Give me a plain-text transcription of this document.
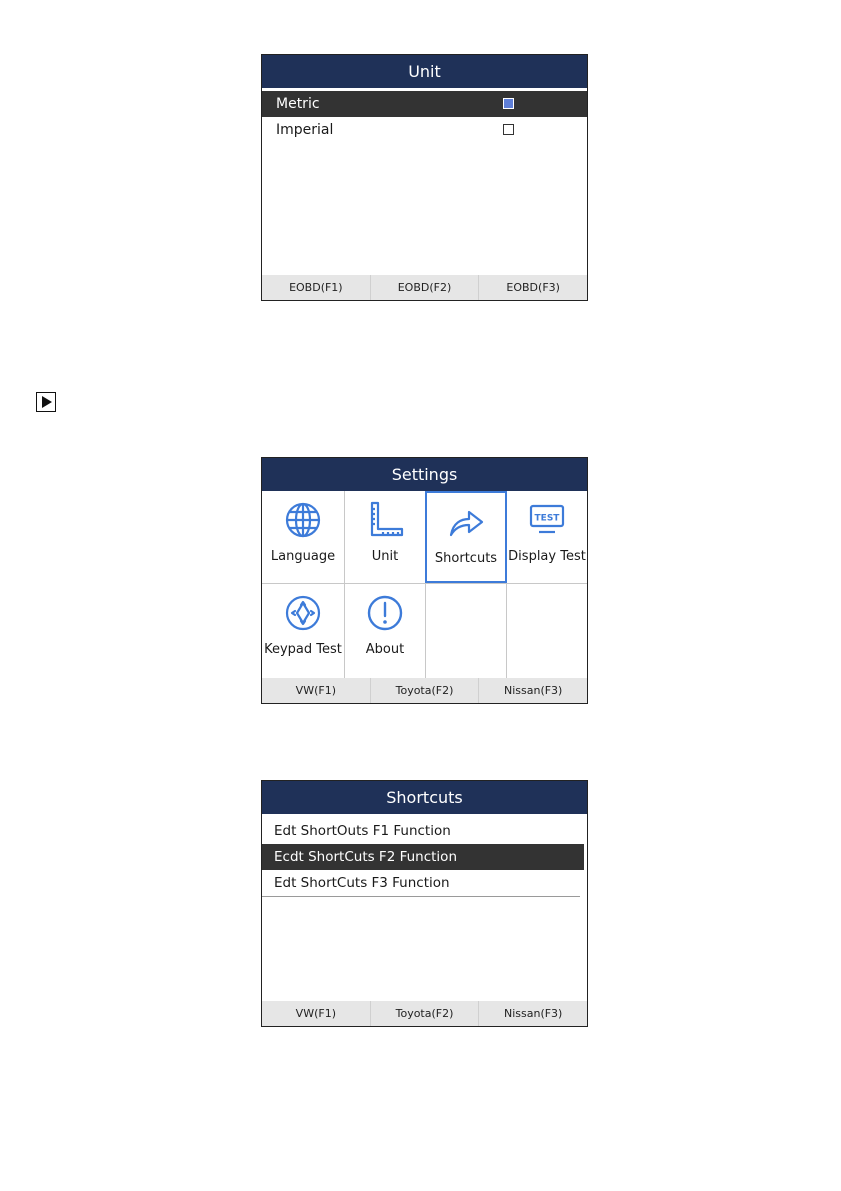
Unit
Metric
Imperial
EOBD(F1)	EOBD(F2)	EOBD(F3)
Settings
Language	Unit	Shortcuts
TEST
Display Test
Keypad Test About
VW(F1)	Toyota(F2)	Nissan(F3)
Shortcuts
Edt ShortOuts F1 Function
Ecdt ShortCuts F2 Function
Edt ShortCuts F3 Function
VW(F1)	Toyota(F2)	Nissan(F3)
